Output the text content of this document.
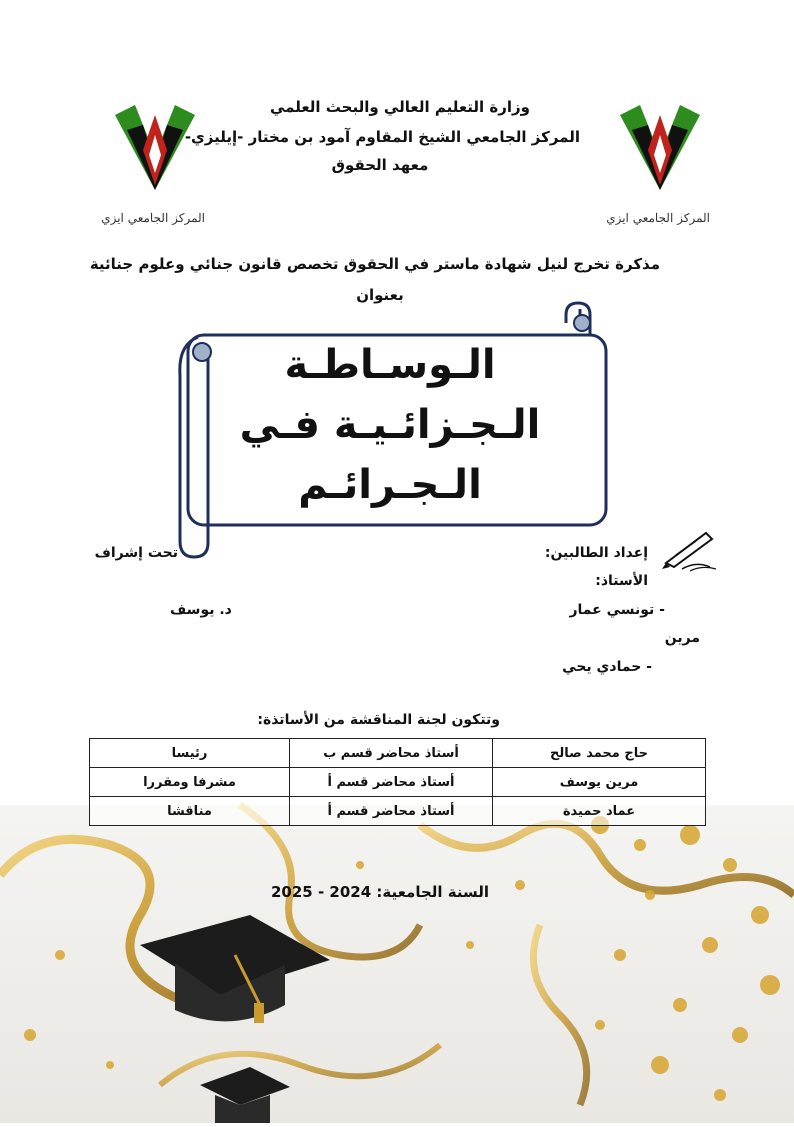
المركز الجامعي ايزي	المركز الجامعي ايزي
وزارة التعليم العالي والبحث العلمي
المركز الجامعي الشيخ المقاوم آمود بن مختار -إيليزي-
معهد الحقوق
مذكرة تخرج لنيل شهادة ماستر في الحقوق تخصص قانون جنائي وعلوم جنائية
بعنوان
الـوسـاطـة
الـجـزائـيـة فـي
الـجـرائـم
إعداد الطالبين:
تحت إشراف
الأستاذ:
- تونسي عمار
د. يوسف
مرين
- حمادي يحي
وتتكون لجنة المناقشة من الأساتذة:
حاج محمد صالح	أستاذ محاضر قسم ب	رئيسا
مرين يوسف	أستاذ محاضر قسم أ	مشرفا ومقررا
عماد حميدة	أستاذ محاضر قسم أ	مناقشا
السنة الجامعية: 2024 - 2025
